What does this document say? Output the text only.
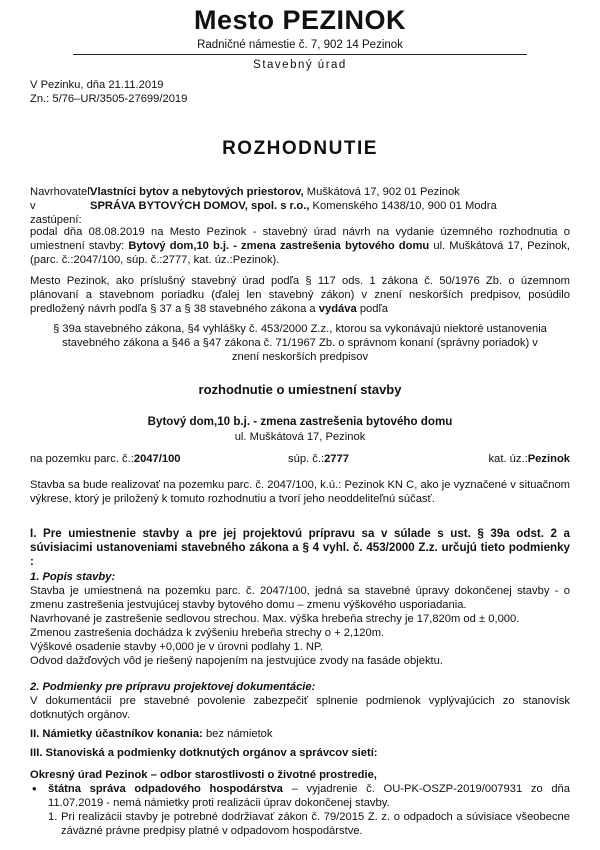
Mesto PEZINOK
Radničné námestie č. 7, 902 14 Pezinok
Stavebný úrad
V Pezinku, dňa 21.11.2019
Zn.: 5/76–UR/3505-27699/2019
ROZHODNUTIE
Navrhovateľ:
Vlastníci bytov a nebytových priestorov, Muškátová 17, 902 01 Pezinok
v zastúpení:
SPRÁVA BYTOVÝCH DOMOV, spol. s r.o., Komenského 1438/10, 900 01 Modra
podal dňa 08.08.2019 na Mesto Pezinok - stavebný úrad návrh na vydanie územného rozhodnutia o umiestnení stavby: Bytový dom,10 b.j. - zmena zastrešenia bytového domu ul. Muškátová 17, Pezinok, (parc. č.:2047/100, súp. č.:2777, kat. úz.:Pezinok).
Mesto Pezinok, ako príslušný stavebný úrad podľa § 117 ods. 1 zákona č. 50/1976 Zb. o územnom plánovaní a stavebnom poriadku (ďalej len stavebný zákon) v znení neskorších predpisov, posúdilo predložený návrh podľa § 37 a § 38 stavebného zákona a vydáva podľa
§ 39a stavebného zákona, §4 vyhlášky č. 453/2000 Z.z., ktorou sa vykonávajú niektoré ustanovenia stavebného zákona a §46 a §47 zákona č. 71/1967 Zb. o správnom konaní (správny poriadok) v znení neskorších predpisov
rozhodnutie o umiestnení stavby
Bytový dom,10 b.j. - zmena zastrešenia bytového domu
ul. Muškátová 17, Pezinok
na pozemku parc. č.:2047/100	súp. č.:2777	kat. úz.:Pezinok
Stavba sa bude realizovať na pozemku parc. č. 2047/100, k.ú.: Pezinok KN C, ako je vyznačené v situačnom výkrese, ktorý je priložený k tomuto rozhodnutiu a tvorí jeho neoddeliteľnú súčasť.
I. Pre umiestnenie stavby a pre jej projektovú prípravu sa v súlade s ust. § 39a odst. 2 a súvisiacimi ustanoveniami stavebného zákona a § 4 vyhl. č. 453/2000 Z.z. určujú tieto podmienky :
1. Popis stavby:
Stavba je umiestnená na pozemku parc. č. 2047/100, jedná sa stavebné úpravy dokončenej stavby - o zmenu zastrešenia jestvujúcej stavby bytového domu – zmenu výškového usporiadania.
Navrhované je zastrešenie sedlovou strechou. Max. výška hrebeňa strechy je 17,820m od ± 0,000.
Zmenou zastrešenia dochádza k zvýšeniu hrebeňa strechy o + 2,120m.
Výškové osadenie stavby +0,000 je v úrovni podlahy 1. NP.
Odvod dažďových vôd je riešený napojením na jestvujúce zvody na fasáde objektu.
2. Podmienky pre prípravu projektovej dokumentácie:
V dokumentácii pre stavebné povolenie zabezpečiť splnenie podmienok vyplývajúcich zo stanovísk dotknutých orgánov.
II. Námietky účastníkov konania: bez námietok
III. Stanoviská a podmienky dotknutých orgánov a správcov sietí:
Okresný úrad Pezinok – odbor starostlivosti o životné prostredie,
• štátna správa odpadového hospodárstva – vyjadrenie č. OU-PK-OSZP-2019/007931 zo dňa 11.07.2019 - nemá námietky proti realizácii úprav dokončenej stavby.
1. Pri realizácii stavby je potrebné dodržiavať zákon č. 79/2015 Z. z. o odpadoch a súvisiace všeobecne záväzné právne predpisy platné v odpadovom hospodárstve.
